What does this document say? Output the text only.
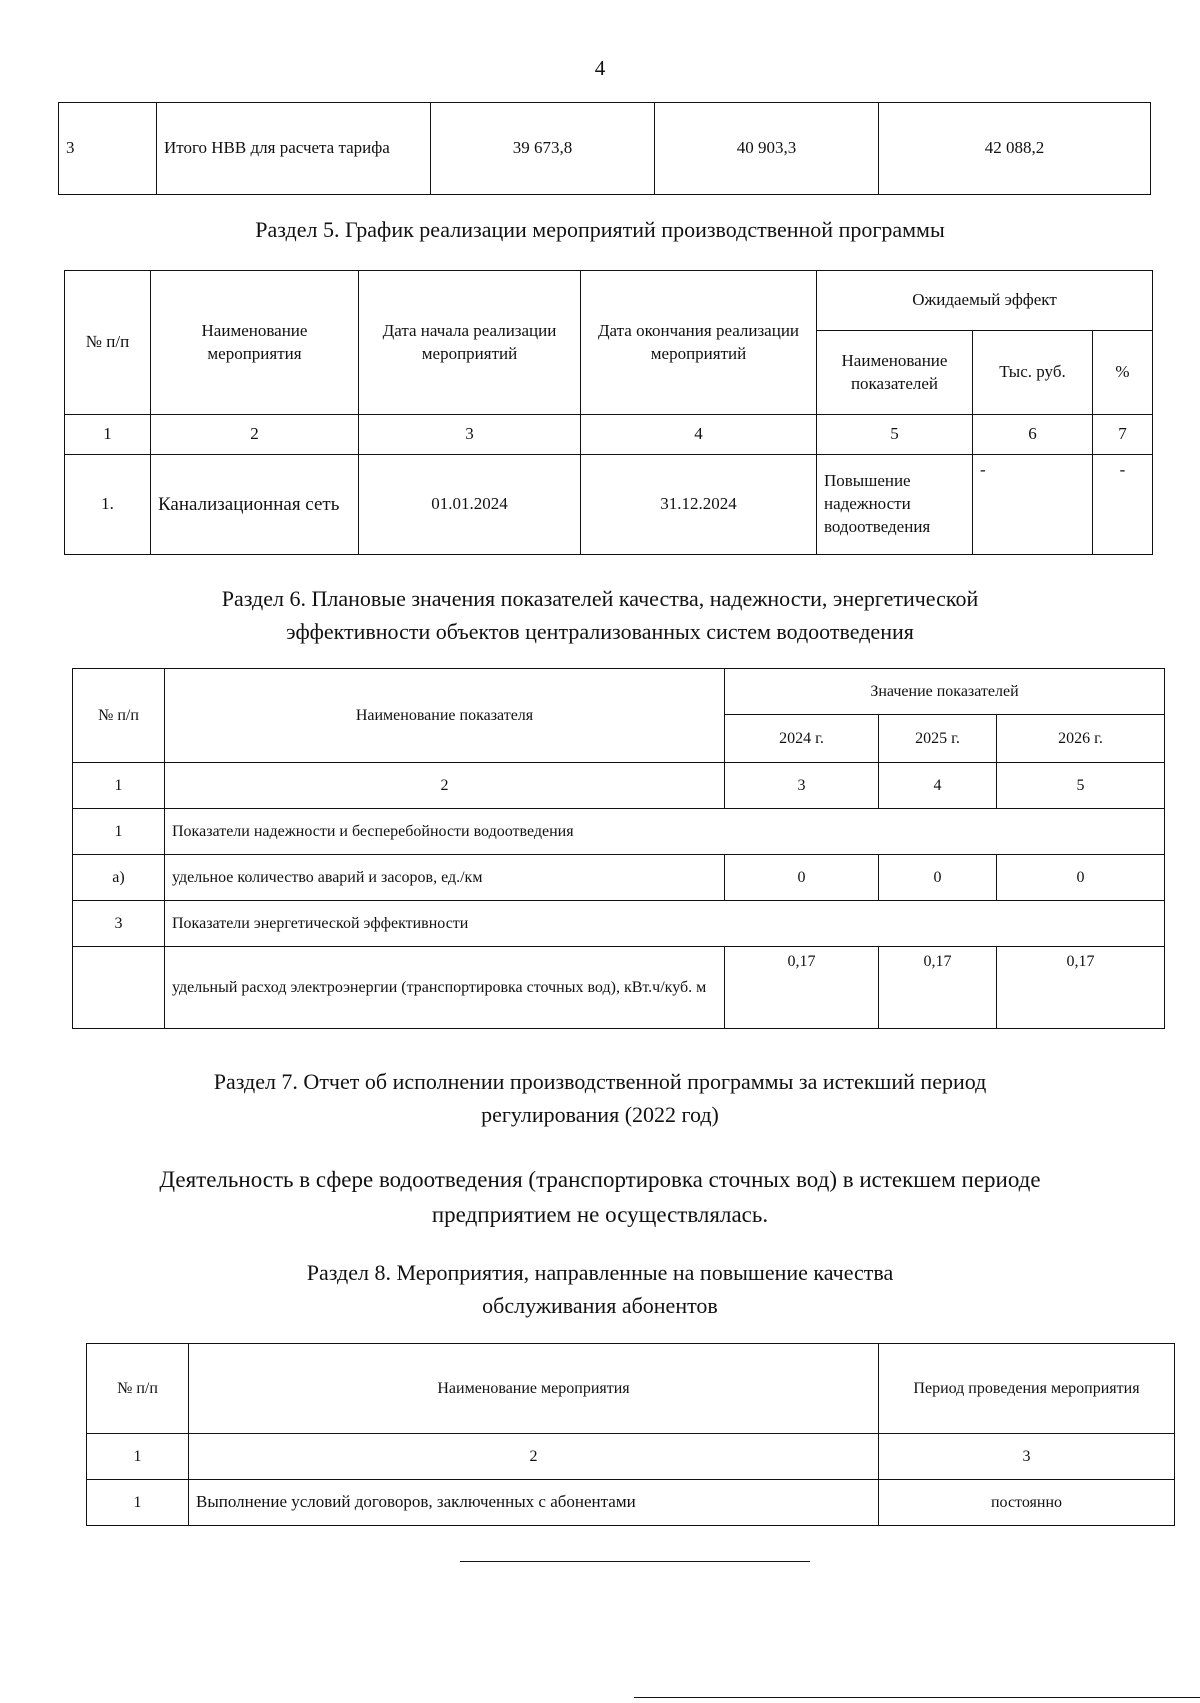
4
3	Итого НВВ для расчета тарифа	39 673,8	40 903,3	42 088,2
Раздел 5. График реализации мероприятий производственной программы
№ п/п	Наименование мероприятия	Дата начала реализации мероприятий	Дата окончания реализации мероприятий	Ожидаемый эффект		
				Наименование показателей	Тыс. руб.	%
1	2	3	4	5	6	7
1.	Канализационная сеть	01.01.2024	31.12.2024	Повышение надежности водоотведения	-	-
Раздел 6. Плановые значения показателей качества, надежности, энергетической
эффективности объектов централизованных систем водоотведения
№ п/п	Наименование показателя	Значение показателей		
		2024 г.	2025 г.	2026 г.
1	2	3	4	5
1	Показатели надежности и бесперебойности водоотведения			
а)	удельное количество аварий и засоров, ед./км	0	0	0
3	Показатели энергетической эффективности			
	удельный расход электроэнергии (транспортировка сточных вод), кВт.ч/куб. м	0,17	0,17	0,17
Раздел 7. Отчет об исполнении производственной программы за истекший период
регулирования (2022 год)
Деятельность в сфере водоотведения (транспортировка сточных вод) в истекшем периоде
предприятием не осуществлялась.
Раздел 8. Мероприятия, направленные на повышение качества
обслуживания абонентов
№ п/п	Наименование мероприятия	Период проведения мероприятия
1	2	3
1	Выполнение условий договоров, заключенных с абонентами	постоянно
